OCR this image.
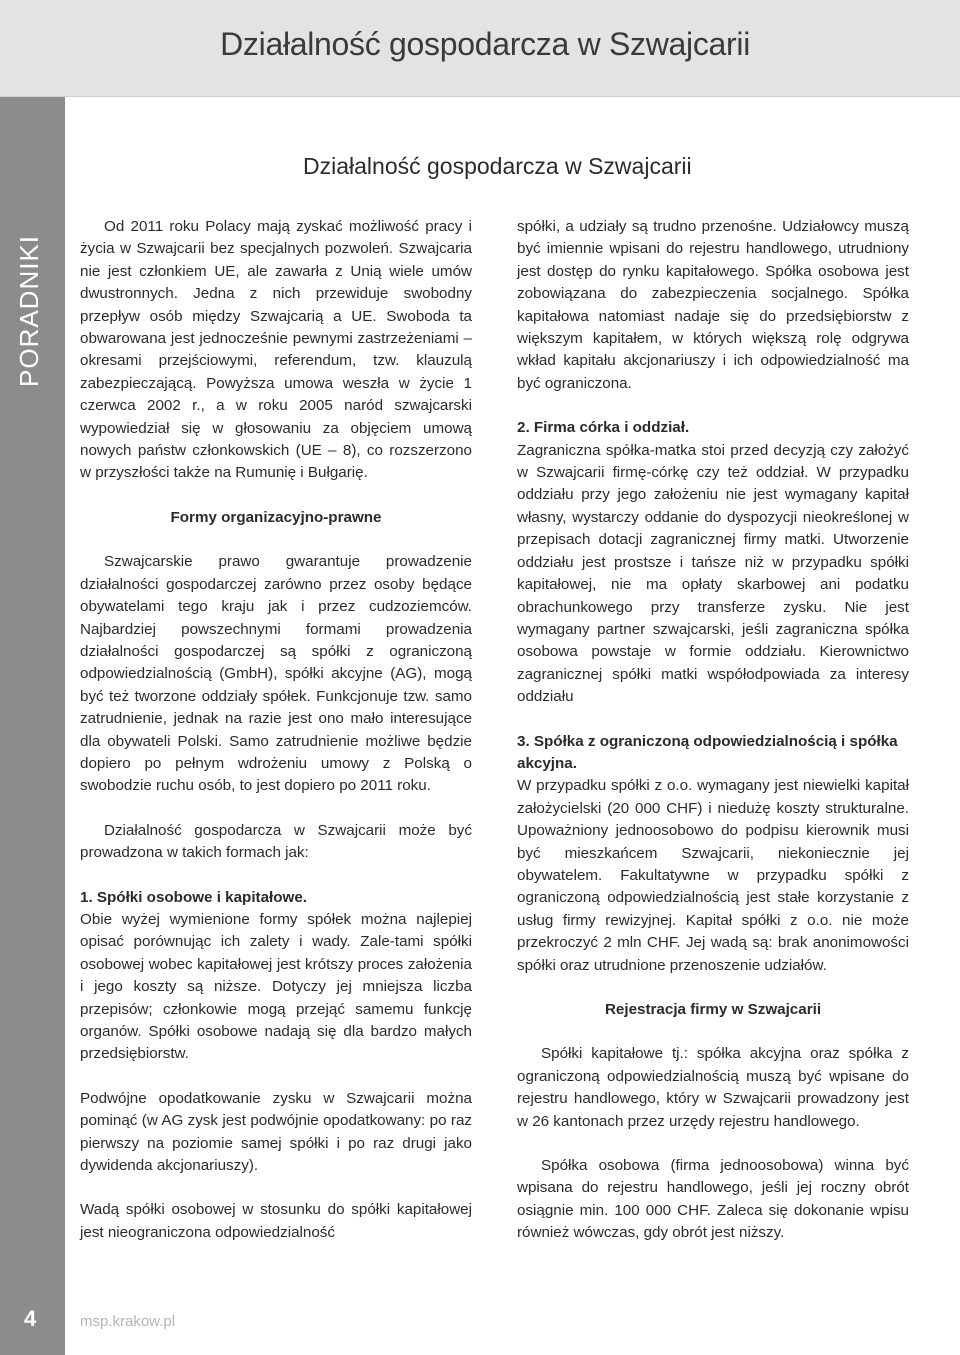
Działalność gospodarcza w Szwajcarii
PORADNIKI
Działalność gospodarcza w Szwajcarii

Od 2011 roku Polacy mają zyskać możliwość pracy i życia w Szwajcarii bez specjalnych pozwoleń. Szwajcaria nie jest członkiem UE, ale zawarła z Unią wiele umów dwustronnych. Jedna z nich przewiduje swobodny przepływ osób między Szwajcarią a UE. Swoboda ta obwarowana jest jednocześnie pewnymi zastrzeżeniami – okresami przejściowymi, referendum, tzw. klauzulą zabezpieczającą. Powyższa umowa weszła w życie 1 czerwca 2002 r., a w roku 2005 naród szwajcarski wypowiedział się w głosowaniu za objęciem umową nowych państw członkowskich (UE – 8), co rozszerzono w przyszłości także na Rumunię i Bułgarię.

Formy organizacyjno-prawne

Szwajcarskie prawo gwarantuje prowadzenie działalności gospodarczej zarówno przez osoby będące obywatelami tego kraju jak i przez cudzoziemców. Najbardziej powszechnymi formami prowadzenia działalności gospodarczej są spółki z ograniczoną odpowiedzialnością (GmbH), spółki akcyjne (AG), mogą być też tworzone oddziały spółek. Funkcjonuje tzw. samo zatrudnienie, jednak na razie jest ono mało interesujące dla obywateli Polski. Samo zatrudnienie możliwe będzie dopiero po pełnym wdrożeniu umowy z Polską o swobodzie ruchu osób, to jest dopiero po 2011 roku.

Działalność gospodarcza w Szwajcarii może być prowadzona w takich formach jak:

1. Spółki osobowe i kapitałowe.

Obie wyżej wymienione formy spółek można najlepiej opisać porównując ich zalety i wady. Zale-tami spółki osobowej wobec kapitałowej jest krótszy proces założenia i jego koszty są niższe. Dotyczy jej mniejsza liczba przepisów; członkowie mogą przejąć samemu funkcję organów. Spółki osobowe nadają się dla bardzo małych przedsiębiorstw.

Podwójne opodatkowanie zysku w Szwajcarii można pominąć (w AG zysk jest podwójnie opodatkowany: po raz pierwszy na poziomie samej spółki i po raz drugi jako dywidenda akcjonariuszy).

Wadą spółki osobowej w stosunku do spółki kapitałowej jest nieograniczona odpowiedzialność

spółki, a udziały są trudno przenośne. Udziałowcy muszą być imiennie wpisani do rejestru handlowego, utrudniony jest dostęp do rynku kapitałowego. Spółka osobowa jest zobowiązana do zabezpieczenia socjalnego. Spółka kapitałowa natomiast nadaje się do przedsiębiorstw z większym kapitałem, w których większą rolę odgrywa wkład kapitału akcjonariuszy i ich odpowiedzialność ma być ograniczona.

2. Firma córka i oddział.

Zagraniczna spółka-matka stoi przed decyzją czy założyć w Szwajcarii firmę-córkę czy też oddział. W przypadku oddziału przy jego założeniu nie jest wymagany kapitał własny, wystarczy oddanie do dyspozycji nieokreślonej w przepisach dotacji zagranicznej firmy matki. Utworzenie oddziału jest prostsze i tańsze niż w przypadku spółki kapitałowej, nie ma opłaty skarbowej ani podatku obrachunkowego przy transferze zysku. Nie jest wymagany partner szwajcarski, jeśli zagraniczna spółka osobowa powstaje w formie oddziału. Kierownictwo zagranicznej spółki matki współodpowiada za interesy oddziału

3. Spółka z ograniczoną odpowiedzialnością i spółka akcyjna.

W przypadku spółki z o.o. wymagany jest niewielki kapitał założycielski (20 000 CHF) i niedużę koszty strukturalne. Upoważniony jednoosobowo do podpisu kierownik musi być mieszkańcem Szwajcarii, niekoniecznie jej obywatelem. Fakultatywne w przypadku spółki z ograniczoną odpowiedzialnością jest stałe korzystanie z usług firmy rewizyjnej. Kapitał spółki z o.o. nie może przekroczyć 2 mln CHF. Jej wadą są: brak anonimowości spółki oraz utrudnione przenoszenie udziałów.

Rejestracja firmy w Szwajcarii

Spółki kapitałowe tj.: spółka akcyjna oraz spółka z ograniczoną odpowiedzialnością muszą być wpisane do rejestru handlowego, który w Szwajcarii prowadzony jest w 26 kantonach przez urzędy rejestru handlowego.

Spółka osobowa (firma jednoosobowa) winna być wpisana do rejestru handlowego, jeśli jej roczny obrót osiągnie min. 100 000 CHF. Zaleca się dokonanie wpisu również wówczas, gdy obrót jest niższy.

4	msp.krakow.pl
